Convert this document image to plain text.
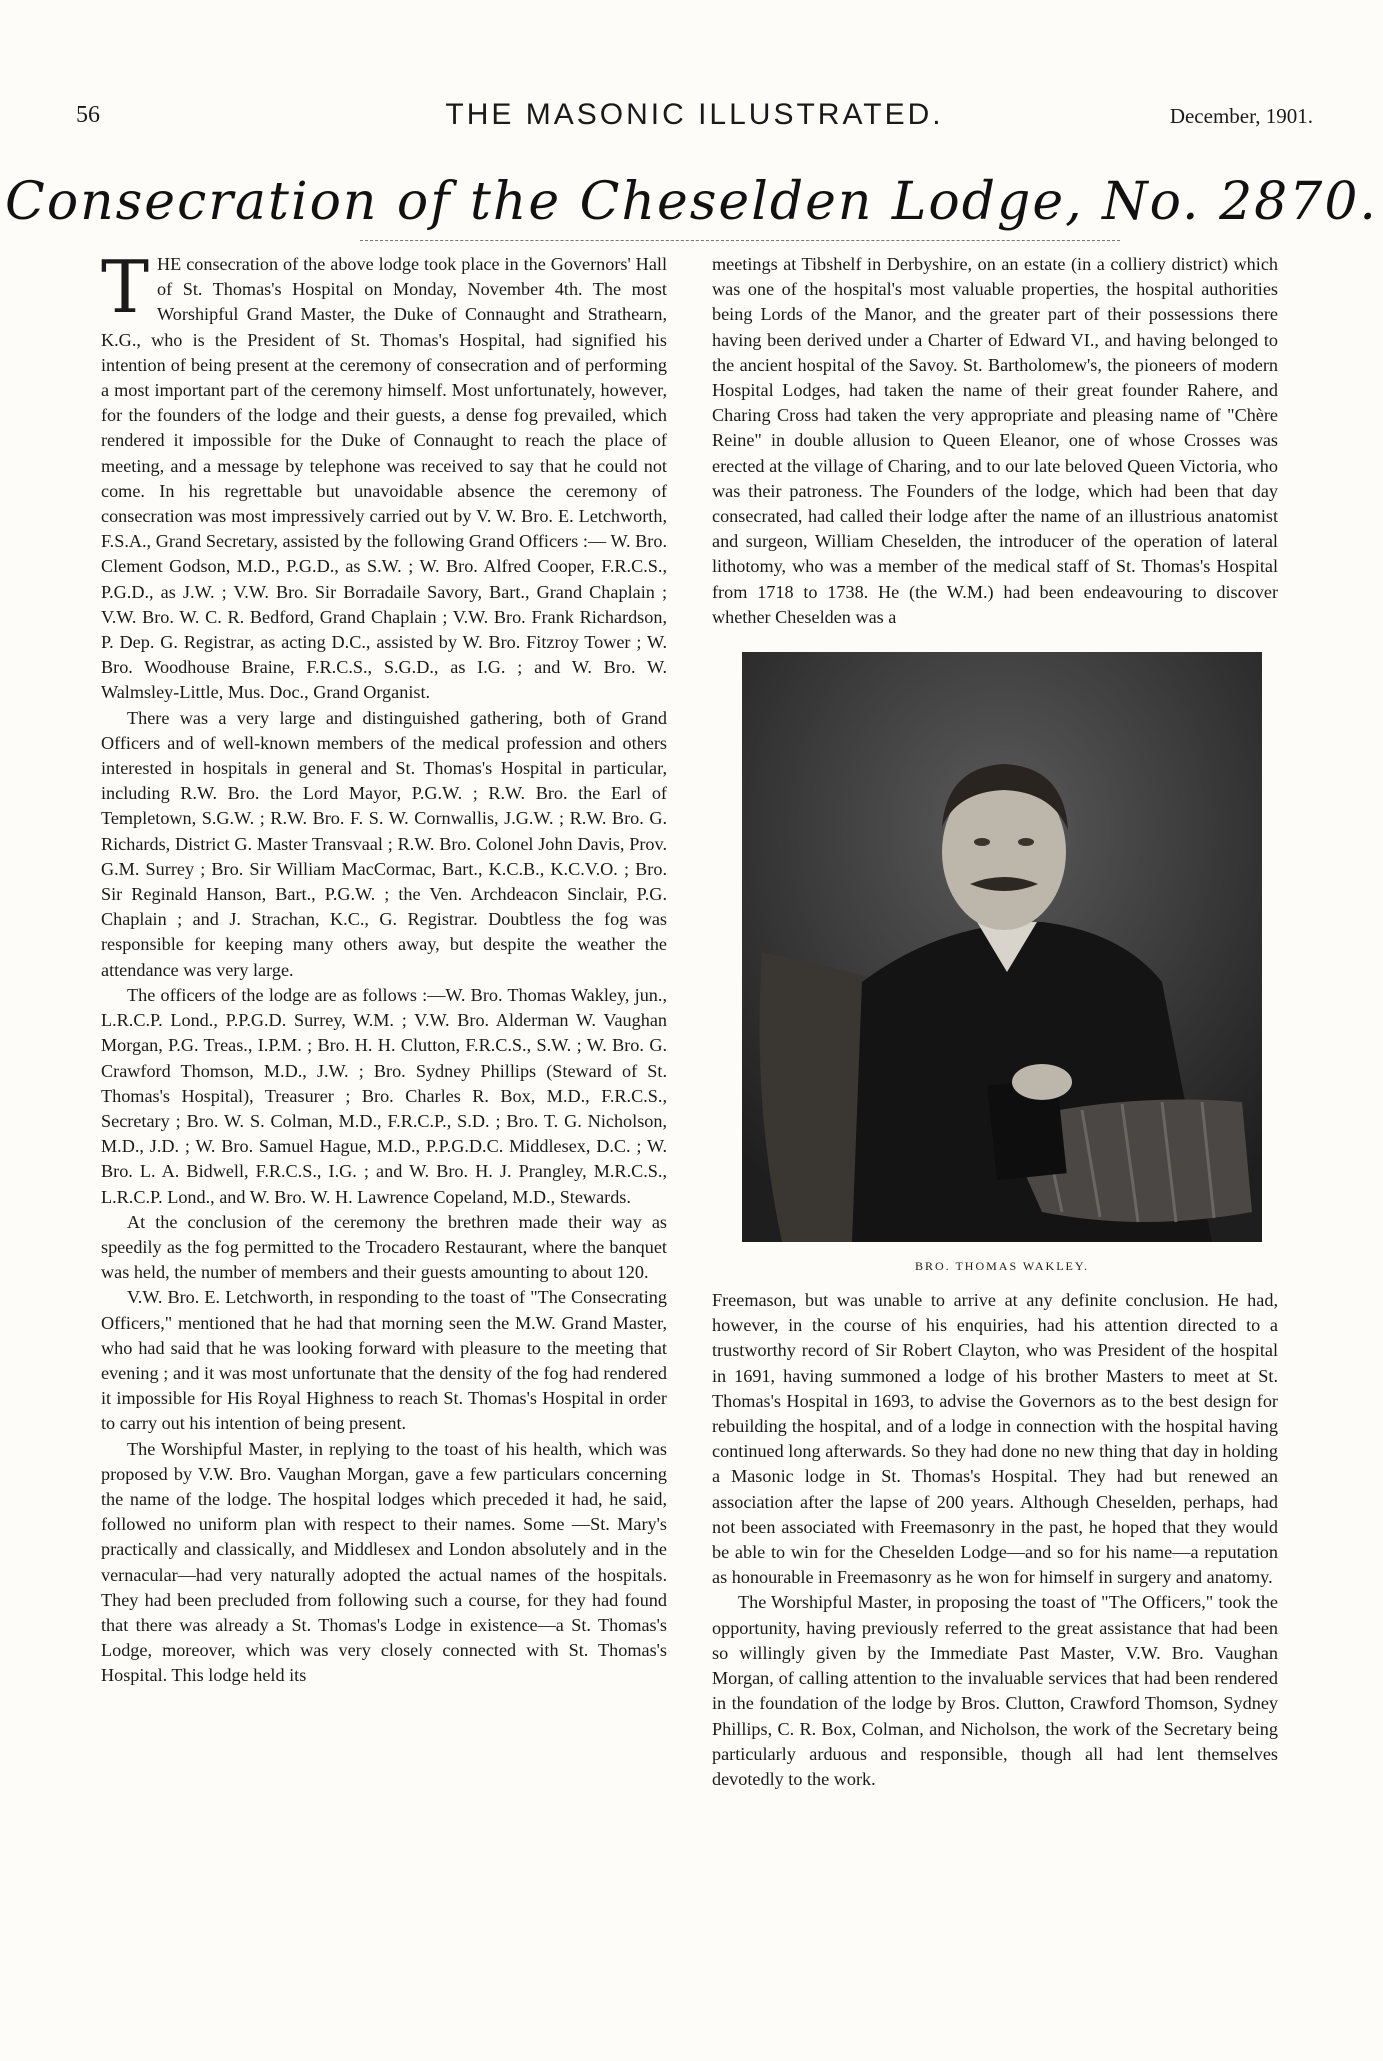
56	THE MASONIC ILLUSTRATED.	December, 1901.
Consecration of the Cheselden Lodge, No. 2870.

THE consecration of the above lodge took place in the Governors' Hall of St. Thomas's Hospital on Monday, November 4th. The most Worshipful Grand Master, the Duke of Connaught and Strathearn, K.G., who is the President of St. Thomas's Hospital, had signified his intention of being present at the ceremony of consecration and of performing a most important part of the ceremony himself. Most unfortunately, however, for the founders of the lodge and their guests, a dense fog prevailed, which rendered it impossible for the Duke of Connaught to reach the place of meeting, and a message by telephone was received to say that he could not come. In his regrettable but unavoidable absence the ceremony of consecration was most impressively carried out by V. W. Bro. E. Letchworth, F.S.A., Grand Secretary, assisted by the following Grand Officers :— W. Bro. Clement Godson, M.D., P.G.D., as S.W. ; W. Bro. Alfred Cooper, F.R.C.S., P.G.D., as J.W. ; V.W. Bro. Sir Borradaile Savory, Bart., Grand Chaplain ; V.W. Bro. W. C. R. Bedford, Grand Chaplain ; V.W. Bro. Frank Richardson, P. Dep. G. Registrar, as acting D.C., assisted by W. Bro. Fitzroy Tower ; W. Bro. Woodhouse Braine, F.R.C.S., S.G.D., as I.G. ; and W. Bro. W. Walmsley-Little, Mus. Doc., Grand Organist.

There was a very large and distinguished gathering, both of Grand Officers and of well-known members of the medical profession and others interested in hospitals in general and St. Thomas's Hospital in particular, including R.W. Bro. the Lord Mayor, P.G.W. ; R.W. Bro. the Earl of Templetown, S.G.W. ; R.W. Bro. F. S. W. Cornwallis, J.G.W. ; R.W. Bro. G. Richards, District G. Master Transvaal ; R.W. Bro. Colonel John Davis, Prov. G.M. Surrey ; Bro. Sir William MacCormac, Bart., K.C.B., K.C.V.O. ; Bro. Sir Reginald Hanson, Bart., P.G.W. ; the Ven. Archdeacon Sinclair, P.G. Chaplain ; and J. Strachan, K.C., G. Registrar. Doubtless the fog was responsible for keeping many others away, but despite the weather the attendance was very large.

The officers of the lodge are as follows :—W. Bro. Thomas Wakley, jun., L.R.C.P. Lond., P.P.G.D. Surrey, W.M. ; V.W. Bro. Alderman W. Vaughan Morgan, P.G. Treas., I.P.M. ; Bro. H. H. Clutton, F.R.C.S., S.W. ; W. Bro. G. Crawford Thomson, M.D., J.W. ; Bro. Sydney Phillips (Steward of St. Thomas's Hospital), Treasurer ; Bro. Charles R. Box, M.D., F.R.C.S., Secretary ; Bro. W. S. Colman, M.D., F.R.C.P., S.D. ; Bro. T. G. Nicholson, M.D., J.D. ; W. Bro. Samuel Hague, M.D., P.P.G.D.C. Middlesex, D.C. ; W. Bro. L. A. Bidwell, F.R.C.S., I.G. ; and W. Bro. H. J. Prangley, M.R.C.S., L.R.C.P. Lond., and W. Bro. W. H. Lawrence Copeland, M.D., Stewards.

At the conclusion of the ceremony the brethren made their way as speedily as the fog permitted to the Trocadero Restaurant, where the banquet was held, the number of members and their guests amounting to about 120.

V.W. Bro. E. Letchworth, in responding to the toast of "The Consecrating Officers," mentioned that he had that morning seen the M.W. Grand Master, who had said that he was looking forward with pleasure to the meeting that evening ; and it was most unfortunate that the density of the fog had rendered it impossible for His Royal Highness to reach St. Thomas's Hospital in order to carry out his intention of being present.

The Worshipful Master, in replying to the toast of his health, which was proposed by V.W. Bro. Vaughan Morgan, gave a few particulars concerning the name of the lodge. The hospital lodges which preceded it had, he said, followed no uniform plan with respect to their names. Some —St. Mary's practically and classically, and Middlesex and London absolutely and in the vernacular—had very naturally adopted the actual names of the hospitals. They had been precluded from following such a course, for they had found that there was already a St. Thomas's Lodge in existence—a St. Thomas's Lodge, moreover, which was very closely connected with St. Thomas's Hospital. This lodge held its

meetings at Tibshelf in Derbyshire, on an estate (in a colliery district) which was one of the hospital's most valuable properties, the hospital authorities being Lords of the Manor, and the greater part of their possessions there having been derived under a Charter of Edward VI., and having belonged to the ancient hospital of the Savoy. St. Bartholomew's, the pioneers of modern Hospital Lodges, had taken the name of their great founder Rahere, and Charing Cross had taken the very appropriate and pleasing name of "Chère Reine" in double allusion to Queen Eleanor, one of whose Crosses was erected at the village of Charing, and to our late beloved Queen Victoria, who was their patroness. The Founders of the lodge, which had been that day consecrated, had called their lodge after the name of an illustrious anatomist and surgeon, William Cheselden, the introducer of the operation of lateral lithotomy, who was a member of the medical staff of St. Thomas's Hospital from 1718 to 1738. He (the W.M.) had been endeavouring to discover whether Cheselden was a

BRO. THOMAS WAKLEY.

Freemason, but was unable to arrive at any definite conclusion. He had, however, in the course of his enquiries, had his attention directed to a trustworthy record of Sir Robert Clayton, who was President of the hospital in 1691, having summoned a lodge of his brother Masters to meet at St. Thomas's Hospital in 1693, to advise the Governors as to the best design for rebuilding the hospital, and of a lodge in connection with the hospital having continued long afterwards. So they had done no new thing that day in holding a Masonic lodge in St. Thomas's Hospital. They had but renewed an association after the lapse of 200 years. Although Cheselden, perhaps, had not been associated with Freemasonry in the past, he hoped that they would be able to win for the Cheselden Lodge—and so for his name—a reputation as honourable in Freemasonry as he won for himself in surgery and anatomy.

The Worshipful Master, in proposing the toast of "The Officers," took the opportunity, having previously referred to the great assistance that had been so willingly given by the Immediate Past Master, V.W. Bro. Vaughan Morgan, of calling attention to the invaluable services that had been rendered in the foundation of the lodge by Bros. Clutton, Crawford Thomson, Sydney Phillips, C. R. Box, Colman, and Nicholson, the work of the Secretary being particularly arduous and responsible, though all had lent themselves devotedly to the work.
